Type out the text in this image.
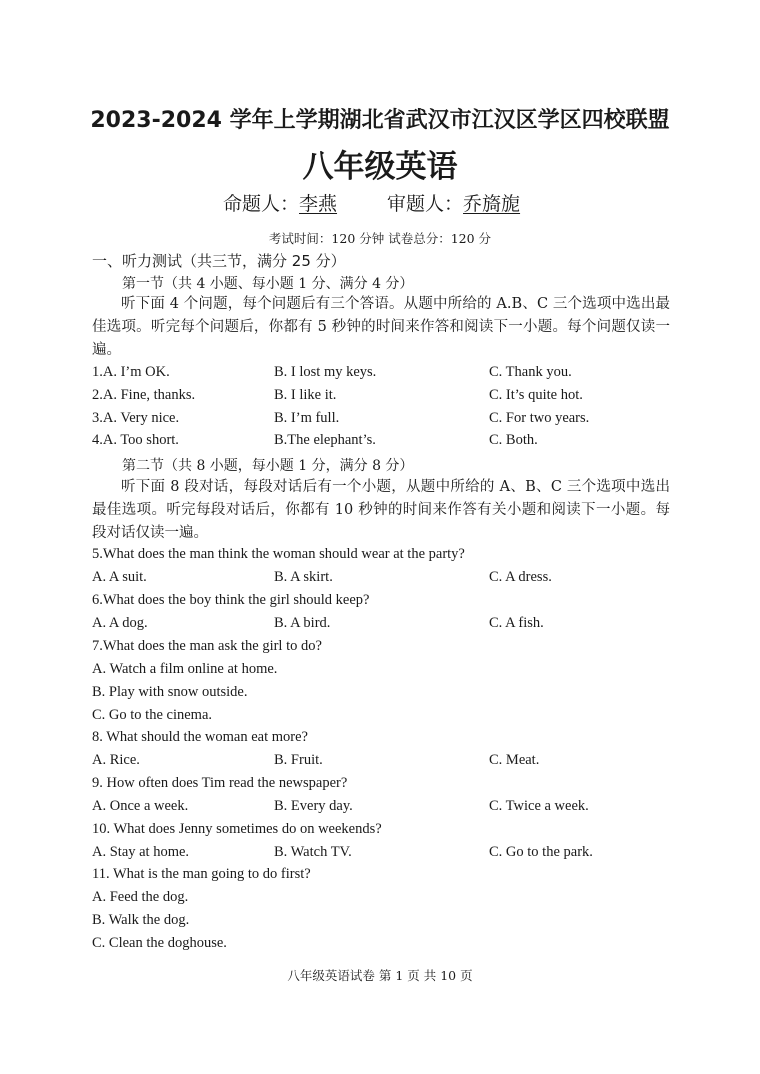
2023-2024 学年上学期湖北省武汉市江汉区学区四校联盟
八年级英语
命题人：李燕	审题人：乔旖旎
考试时间：120 分钟 试卷总分：120 分
一、听力测试（共三节，满分 25 分）
第一节（共 4 小题、每小题 1 分、满分 4 分）
听下面 4 个问题，每个问题后有三个答语。从题中所给的 A.B、C 三个选项中选出最佳选项。听完每个问题后，你都有 5 秒钟的时间来作答和阅读下一小题。每个问题仅读一遍。
1.A. I’m OK.	B. I lost my keys.	C. Thank you.
2.A. Fine, thanks.	B. I like it.	C. It’s quite hot.
3.A. Very nice.	B. I’m full.	C. For two years.
4.A. Too short.	B.The elephant’s.	C. Both.
第二节（共 8 小题，每小题 1 分，满分 8 分）
听下面 8 段对话，每段对话后有一个小题，从题中所给的 A、B、C 三个选项中选出最佳选项。听完每段对话后，你都有 10 秒钟的时间来作答有关小题和阅读下一小题。每段对话仅读一遍。
5.What does the man think the woman should wear at the party?
A. A suit.	B. A skirt.	C. A dress.
6.What does the boy think the girl should keep?
A. A dog.	B. A bird.	C. A fish.
7.What does the man ask the girl to do?
A. Watch a film online at home.
B. Play with snow outside.
C. Go to the cinema.
8. What should the woman eat more?
A. Rice.	B. Fruit.	C. Meat.
9. How often does Tim read the newspaper?
A. Once a week.	B. Every day.	C. Twice a week.
10. What does Jenny sometimes do on weekends?
A. Stay at home.	B. Watch TV.	C. Go to the park.
11. What is the man going to do first?
A. Feed the dog.
B. Walk the dog.
C. Clean the doghouse.
八年级英语试卷 第 1 页 共 10 页
